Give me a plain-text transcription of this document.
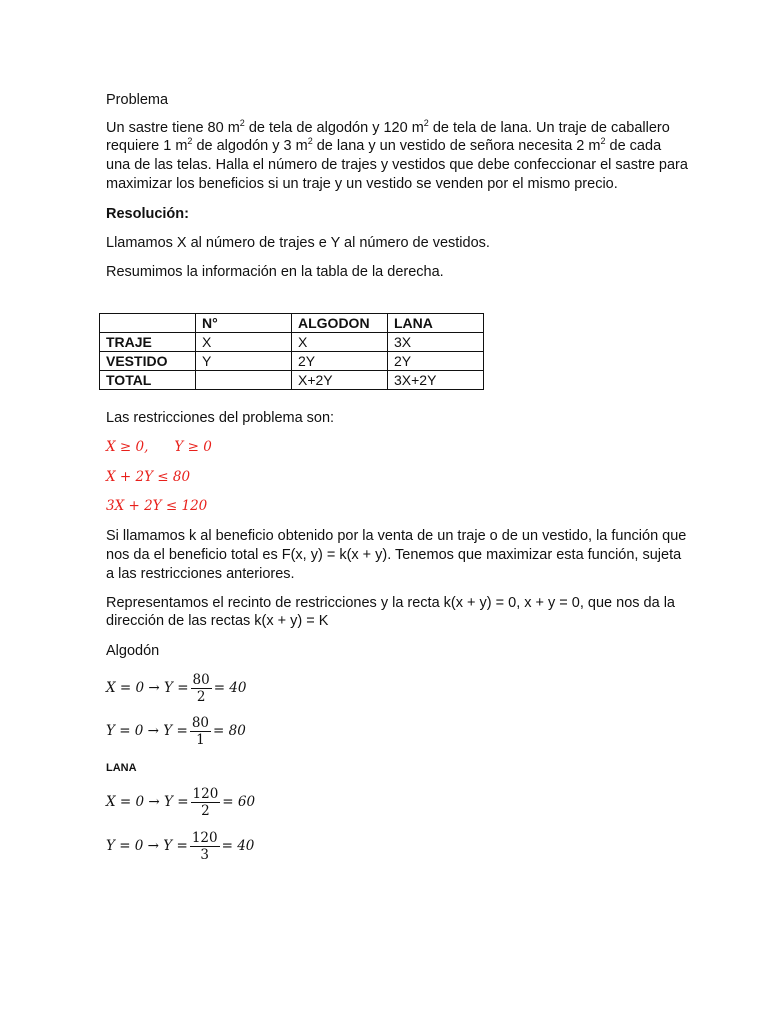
Problema
Un sastre tiene 80 $m^2$ de tela de algodón y 120 $m^2$ de tela de lana. Un traje de caballero
requiere 1 $m^2$ de algodón y 3 $m^2$ de lana y un vestido de señora necesita 2 $m^2$ de cada
una de las telas. Halla el número de trajes y vestidos que debe confeccionar el sastre para
maximizar los beneficios si un traje y un vestido se venden por el mismo precio.
Resolución:
Llamamos X al número de trajes e Y al número de vestidos.
Resumimos la información en la tabla de la derecha.
	N°	ALGODON	LANA
TRAJE	X	X	3X
VESTIDO	Y	2Y	2Y
TOTAL		X+2Y	3X+2Y
Las restricciones del problema son:
X ≥ 0, Y ≥ 0
X + 2Y ≤ 80
3X + 2Y ≤ 120
Si llamamos k al beneficio obtenido por la venta de un traje o de un vestido, la función que
nos da el beneficio total es F(x, y) = k(x + y). Tenemos que maximizar esta función, sujeta
a las restricciones anteriores.
Representamos el recinto de restricciones y la recta k(x + y) = 0, x + y = 0, que nos da la
dirección de las rectas k(x + y) = K
Algodón
$X = 0 \to Y = \frac{80}{2} = 40$
$Y = 0 \to Y = \frac{80}{1} = 80$
LANA
$X = 0 \to Y = \frac{120}{2} = 60$
$Y = 0 \to Y = \frac{120}{3} = 40$
